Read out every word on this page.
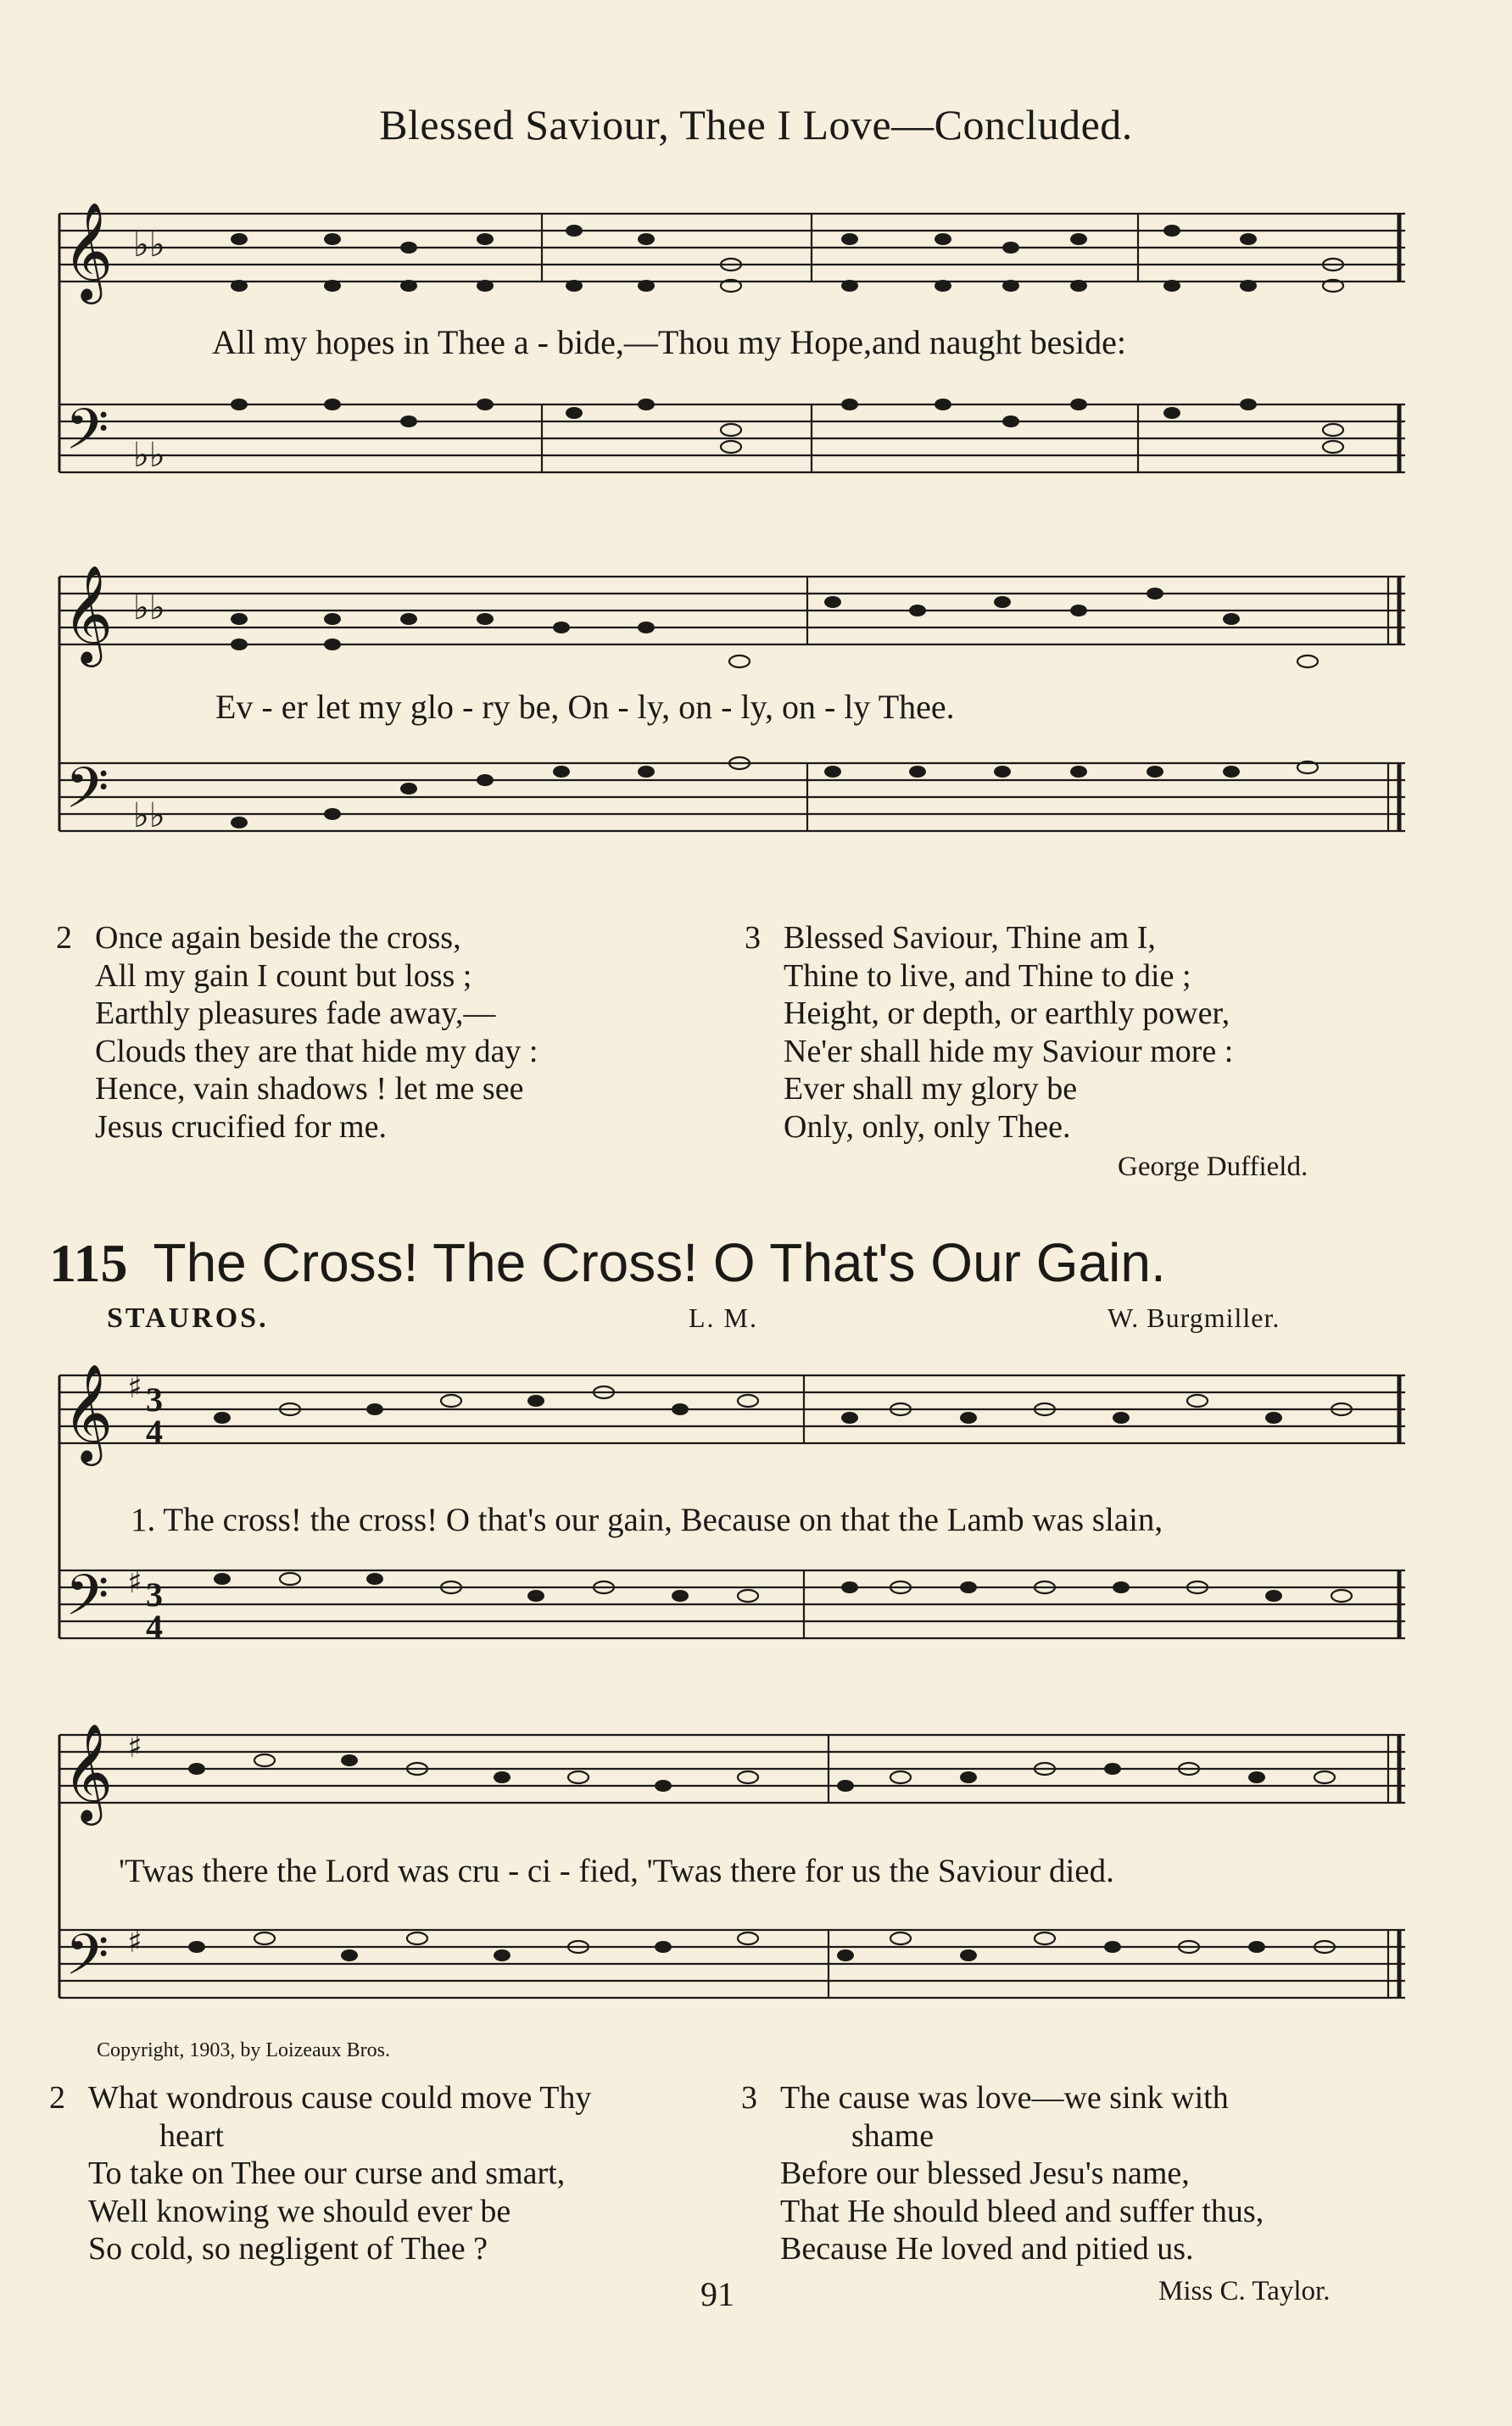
Blessed Saviour, Thee I Love—Concluded.
𝄞 ♭♭
𝄢 ♭♭
All my hopes in Thee a - bide,—Thou my Hope,and naught beside:
𝄞 ♭♭
𝄢 ♭♭
Ev - er let my glo - ry be, On - ly, on - ly, on - ly Thee.
2 Once again beside the cross,
All my gain I count but loss ;
Earthly pleasures fade away,—
Clouds they are that hide my day :
Hence, vain shadows ! let me see
Jesus crucified for me.
3 Blessed Saviour, Thine am I,
Thine to live, and Thine to die ;
Height, or depth, or earthly power,
Ne'er shall hide my Saviour more :
Ever shall my glory be
Only, only, only Thee.
George Duffield.
115 The Cross! The Cross! O That's Our Gain.
STAUROS.	L. M.	W. Burgmiller.
𝄞 ♯ 3
4
𝄢 ♯ 3
4
1. The cross! the cross! O that's our gain, Because on that the Lamb was slain,
𝄞 ♯
𝄢 ♯
'Twas there the Lord was cru - ci - fied, 'Twas there for us the Saviour died.
Copyright, 1903, by Loizeaux Bros.
2 What wondrous cause could move Thy
heart
To take on Thee our curse and smart,
Well knowing we should ever be
So cold, so negligent of Thee ?
3 The cause was love—we sink with
shame
Before our blessed Jesu's name,
That He should bleed and suffer thus,
Because He loved and pitied us.
91	Miss C. Taylor.
